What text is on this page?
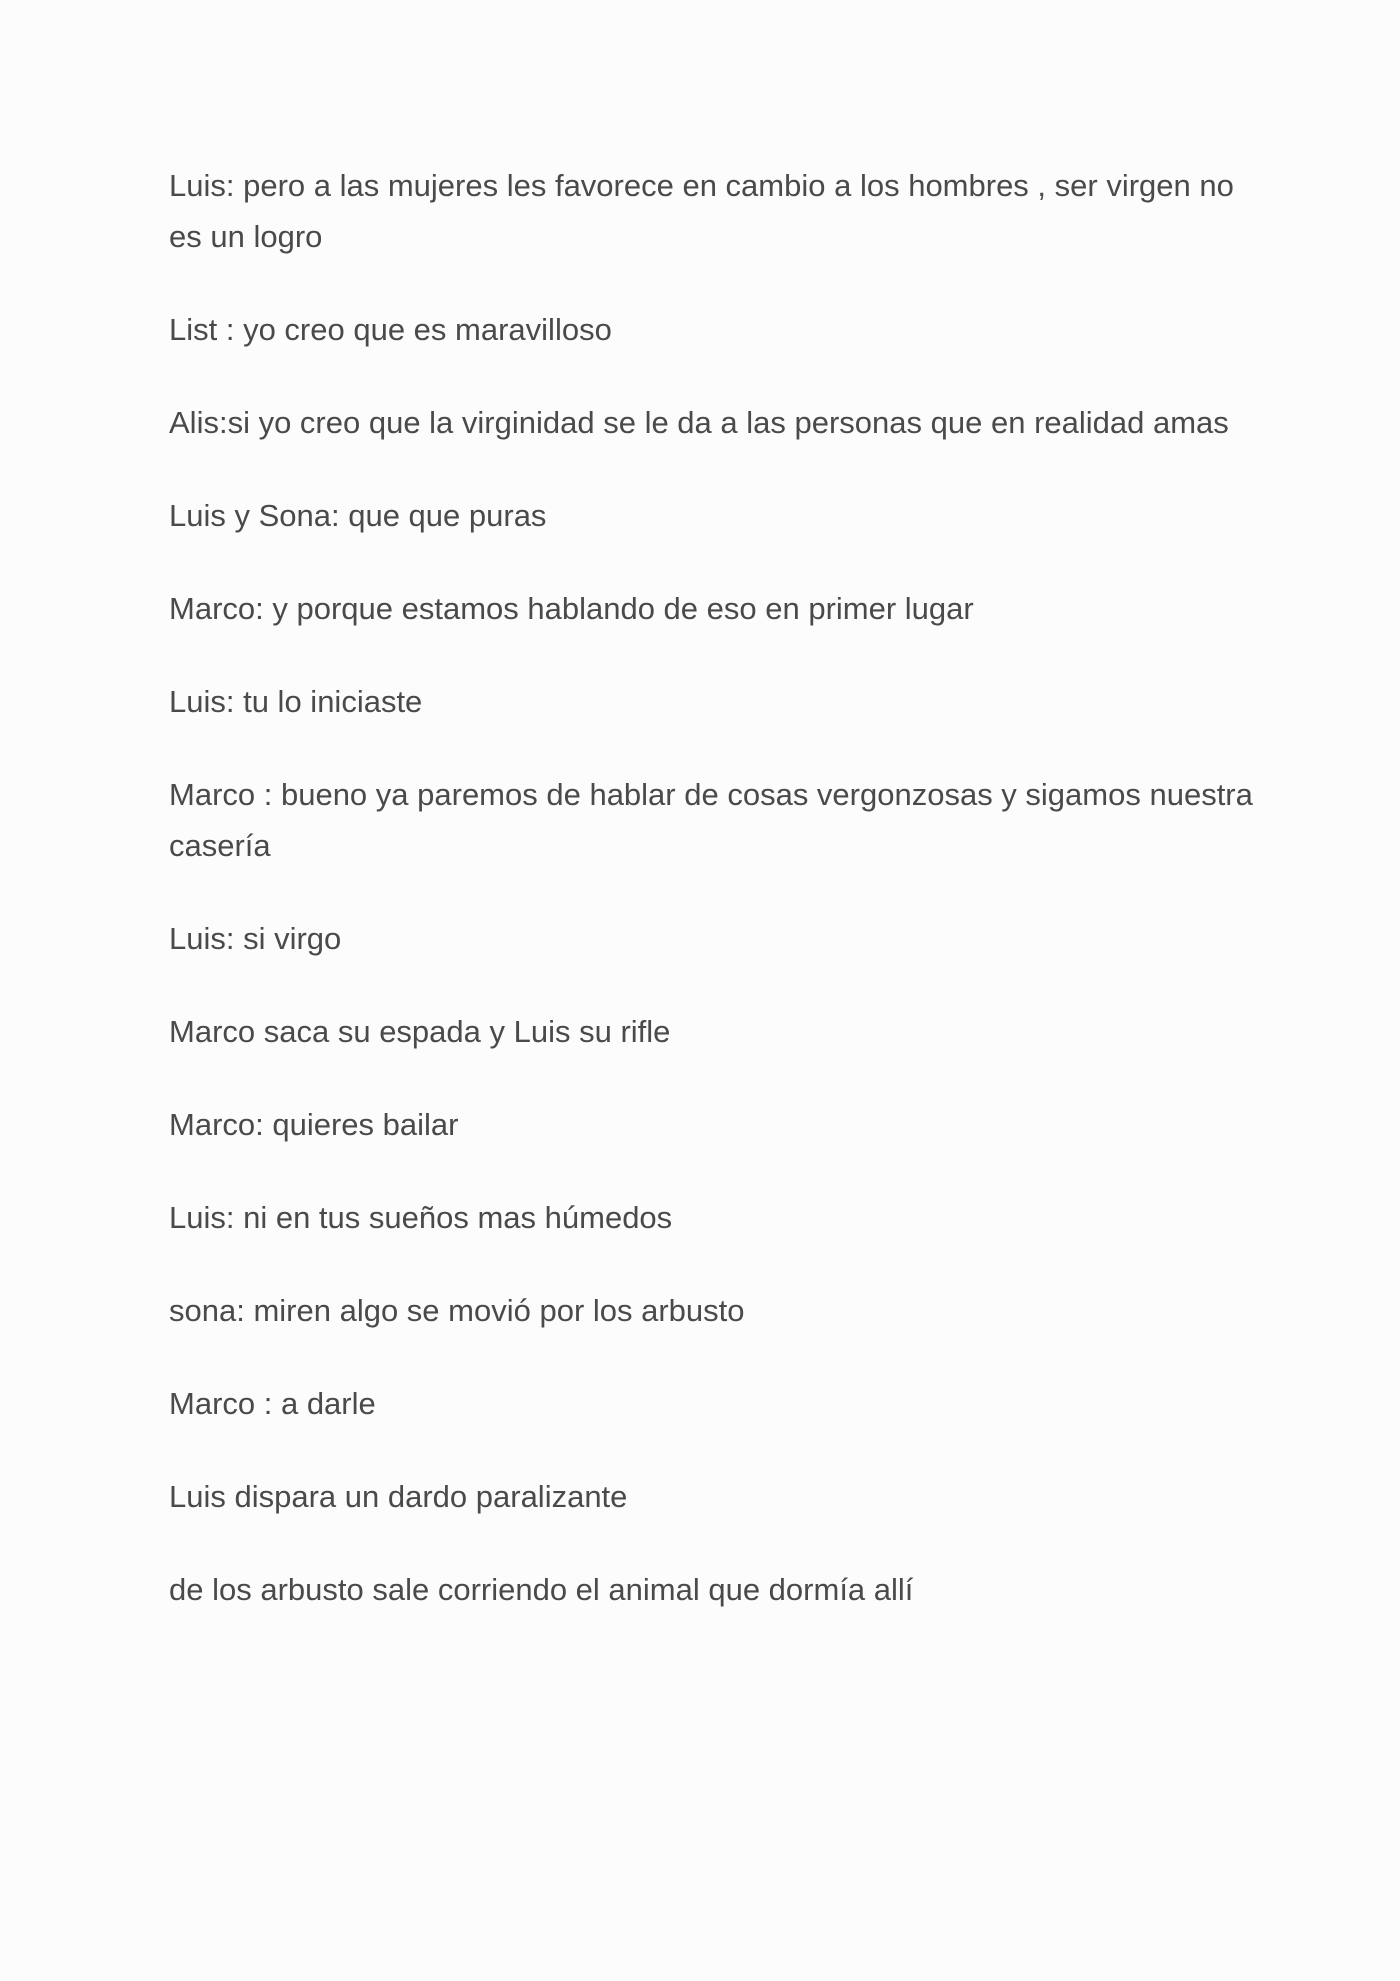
Luis: pero a las mujeres les favorece en cambio a los hombres , ser virgen no es un logro

List : yo creo que es maravilloso

Alis:si yo creo que la virginidad se le da a las personas que en realidad amas

Luis y Sona: que que puras

Marco: y porque estamos hablando de eso en primer lugar

Luis: tu lo iniciaste

Marco : bueno ya paremos de hablar de cosas vergonzosas y sigamos nuestra casería

Luis: si virgo

Marco saca su espada y Luis su rifle

Marco: quieres bailar

Luis: ni en tus sueños mas húmedos

sona: miren algo se movió por los arbusto

Marco : a darle

Luis dispara un dardo paralizante

de los arbusto sale corriendo el animal que dormía allí
